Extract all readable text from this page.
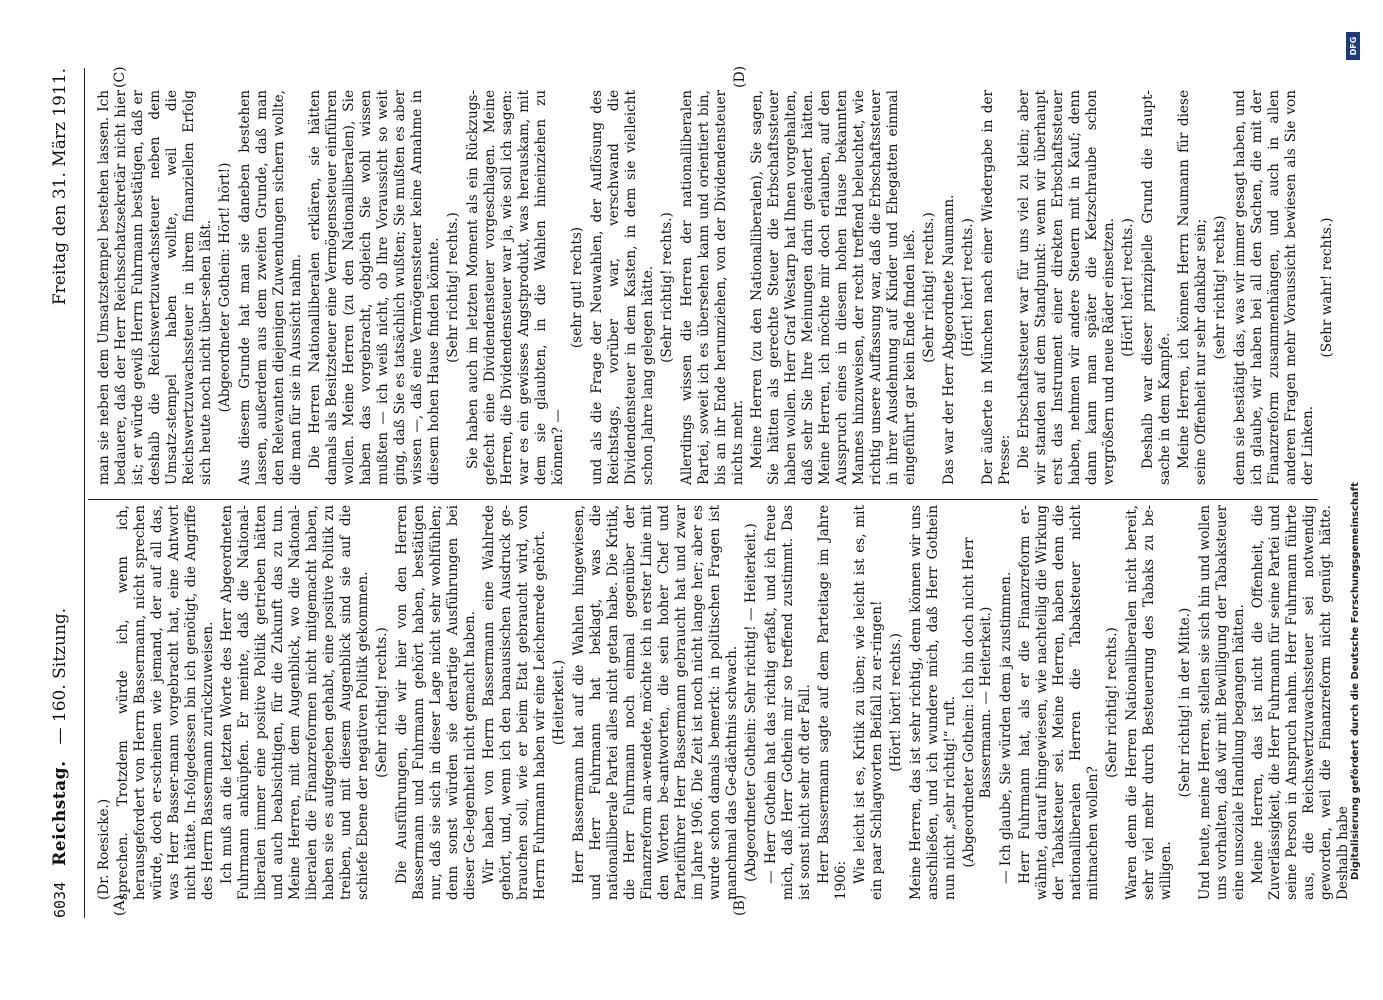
6034
Reichstag.
— 160. Sitzung.
Freitag den 31. März 1911.
(A)	(B)
(C)	(D)

(Dr. Roesicke.) sprechen. Trotzdem würde ich, wenn ich, herausgefordert von Herrn Bassermann, nicht sprechen würde, doch er-scheinen wie jemand, der auf all das, was Herr Basser-mann vorgebracht hat, eine Antwort nicht hätte. In-folgedessen bin ich genötigt, die Angriffe des Herrn Bassermann zurückzuweisen. Ich muß an die letzten Worte des Herr Abgeordneten Fuhrmann anknüpfen. Er meinte, daß die National-liberalen immer eine positive Politik getrieben hätten und auch beabsichtigen, für die Zukunft das zu tun. Meine Herren, mit dem Augenblick, wo die National-liberalen die Finanzreformen nicht mitgemacht haben, haben sie es aufgegeben gehabt, eine positive Politik zu treiben, und mit diesem Augenblick sind sie auf die schiefe Ebene der negativen Politik gekommen. (Sehr richtig! rechts.) Die Ausführungen, die wir hier von den Herren Bassermann und Fuhrmann gehört haben, bestätigen nur, daß sie sich in dieser Lage nicht sehr wohlfühlen; denn sonst würden sie derartige Ausführungen bei dieser Ge-legenheit nicht gemacht haben. Wir haben von Herrn Bassermann eine Wahlrede gehört, und, wenn ich den banausischen Ausdruck ge-brauchen soll, wie er beim Etat gebraucht wird, von Herrn Fuhrmann haben wir eine Leichenrede gehört. (Heiterkeit.) Herr Bassermann hat auf die Wahlen hingewiesen, und Herr Fuhrmann hat beklagt, was die nationalliberale Partei alles nicht getan habe. Die Kritik, die Herr Fuhrmann noch einmal gegenüber der Finanzreform an-wendete, möchte ich in erster Linie mit den Worten be-antworten, die sein hoher Chef und Parteiführer Herr Bassermann gebraucht hat und zwar im Jahre 1906. Die Zeit ist noch nicht lange her; aber es wurde schon damals bemerkt: in politischen Fragen ist manchmal das Ge-dächtnis schwach. (Abgeordneter Gothein: Sehr richtig! — Heiterkeit.) — Herr Gothein hat das richtig erfaßt, und ich freue mich, daß Herr Gothein mir so treffend zustimmt. Das ist sonst nicht sehr oft der Fall. Herr Bassermann sagte auf dem Parteitage im Jahre 1906: Wie leicht ist es, Kritik zu üben; wie leicht ist es, mit ein paar Schlagworten Beifall zu er-ringen! (Hört! hört! rechts.) Meine Herren, das ist sehr richtig, denn können wir uns anschließen, und ich wundere mich, daß Herr Gothein nun nicht „sehr richtig!“ ruft. (Abgeordneter Gothein: Ich bin doch nicht Herr Bassermann. — Heiterkeit.) — Ich glaube, Sie würden dem ja zustimmen. Herr Fuhrmann hat, als er die Finanzreform er-wähnte, darauf hingewiesen, wie nachteilig die Wirkung der Tabaksteuer sei. Meine Herren, haben denn die nationalliberalen Herren die Tabaksteuer nicht mitmachen wollen?

(Sehr richtig! rechts.) Waren denn die Herren Nationalliberalen nicht bereit, sehr viel mehr durch Besteuerung des Tabaks zu be-willigen.

(Sehr richtig! in der Mitte.) Und heute, meine Herren, stellen sie sich hin und wollen uns vorhalten, daß wir mit Bewilligung der Tabaksteuer eine unsoziale Handlung begangen hätten. Meine Herren, das ist nicht die Offenheit, die Zuverlässigkeit, die Herr Fuhrmann für seine Partei und seine Person in Anspruch nahm. Herr Fuhrmann führte aus, die Reichswertzuwachssteuer sei notwendig geworden, weil die Finanzreform nicht genügt hätte. Deshalb habe

man sie neben dem Umsatzstempel bestehen lassen. Ich bedauere, daß der Herr Reichsschatzsekretär nicht hier ist; er würde gewiß Herrn Fuhrmann bestätigen, daß er deshalb die Reichswertzuwachssteuer neben dem Umsatz-stempel haben wollte, weil die Reichswertzuwachssteuer in ihrem finanziellen Erfolg sich heute noch nicht über-sehen läßt. (Abgeordneter Gothein: Hört! hört!) Aus diesem Grunde hat man sie daneben bestehen lassen, außerdem aus dem zweiten Grunde, daß man den Relevanten diejenigen Zuwendungen sichern wollte, die man für sie in Aussicht nahm. Die Herren Nationalliberalen erklären, sie hätten damals als Besitzsteuer eine Vermögenssteuer einführen wollen. Meine Herren (zu den Nationalliberalen), Sie haben das vorgebracht, obgleich Sie wohl wissen mußten — ich weiß nicht, ob Ihre Voraussicht so weit ging, daß Sie es tatsächlich wußten; Sie mußten es aber wissen —, daß eine Vermögenssteuer keine Annahme in diesem hohen Hause finden könnte. (Sehr richtig! rechts.) Sie haben auch im letzten Moment als ein Rückzugs-gefecht eine Dividendensteuer vorgeschlagen. Meine Herren, die Dividendensteuer war ja, wie soll ich sagen: war es ein gewisses Angstprodukt, was herauskam, mit dem sie glaubten, in die Wahlen hineinziehen zu können? —

(sehr gut! rechts) und als die Frage der Neuwahlen, der Auflösung des Reichstags, vorüber war, verschwand die Dividendensteuer in dem Kasten, in dem sie vielleicht schon Jahre lang gelegen hätte. (Sehr richtig! rechts.) Allerdings wissen die Herren der nationalliberalen Partei, soweit ich es übersehen kann und orientiert bin, bis an ihr Ende herumziehen, von der Dividendensteuer nichts mehr. Meine Herren (zu den Nationalliberalen), Sie sagen, Sie hätten als gerechte Steuer die Erbschaftssteuer haben wollen. Herr Graf Westarp hat Ihnen vorgehalten, daß sehr Sie Ihre Meinungen darin geändert hätten. Meine Herren, ich möchte mir doch erlauben, auf den Ausspruch eines in diesem hohen Hause bekannten Mannes hinzuweisen, der recht treffend beleuchtet, wie richtig unsere Auffassung war, daß die Erbschaftssteuer in ihrer Ausdehnung auf Kinder und Ehegatten einmal eingeführt gar kein Ende finden ließ. (Sehr richtig! rechts.) Das war der Herr Abgeordnete Naumann. (Hört! hört! rechts.) Der äußerte in München nach einer Wiedergabe in der Presse: Die Erbschaftssteuer war für uns viel zu klein; aber wir standen auf dem Standpunkt: wenn wir überhaupt erst das Instrument einer direkten Erbschaftssteuer haben, nehmen wir andere Steuern mit in Kauf; denn dann kann man später die Ketzschraube schon vergrößern und neue Räder einsetzen. (Hört! hört! rechts.) Deshalb war dieser prinzipielle Grund die Haupt-sache in dem Kampfe. Meine Herren, ich können Herrn Naumann für diese seine Offenheit nur sehr dankbar sein; (sehr richtig! rechts) denn sie bestätigt das, was wir immer gesagt haben, und ich glaube, wir haben bei all den Sachen, die mit der Finanzreform zusammenhängen, und auch in allen anderen Fragen mehr Voraussicht bewiesen als Sie von der Linken.

(Sehr wahr! rechts.)

Digitalisierung gefördert durch die Deutsche Forschungsgemeinschaft
DFG
